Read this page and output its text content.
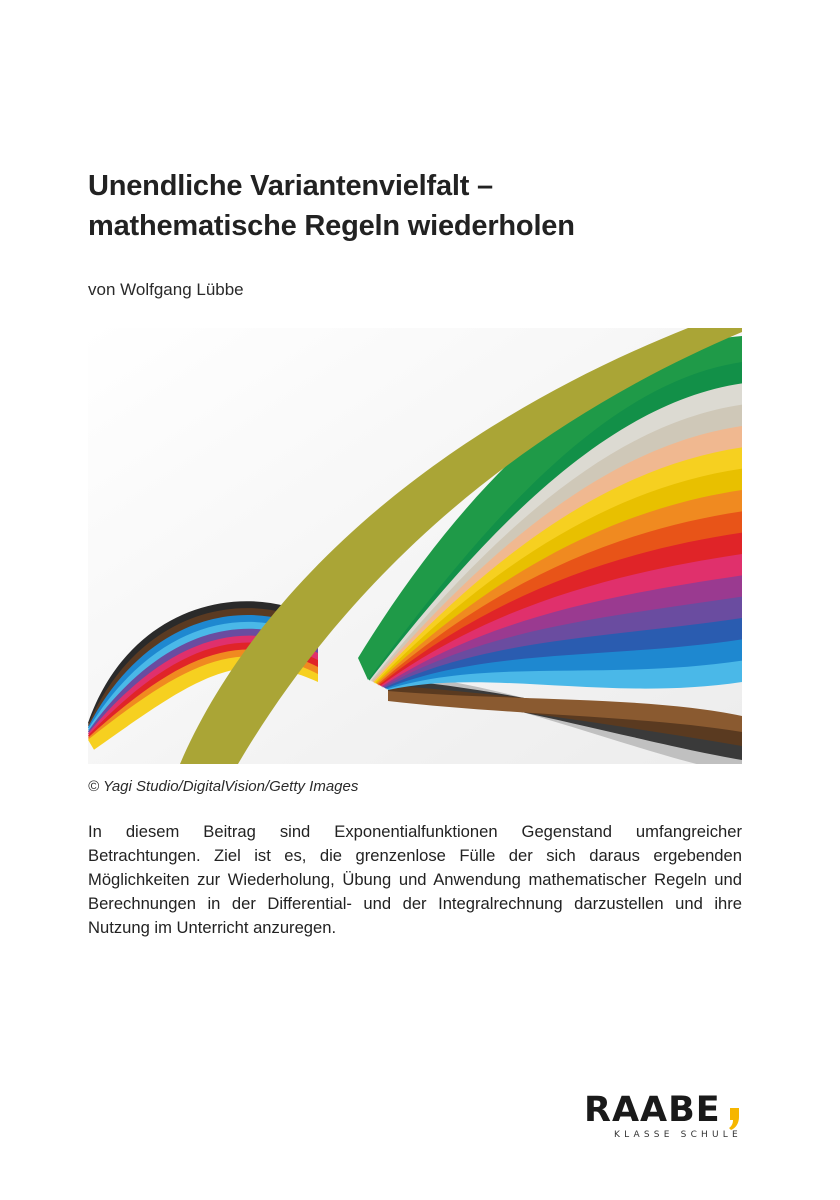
Unendliche Variantenvielfalt –
mathematische Regeln wiederholen
von Wolfgang Lübbe
© Yagi Studio/DigitalVision/Getty Images

In diesem Beitrag sind Exponentialfunktionen Gegenstand umfangreicher Betrachtungen. Ziel ist es, die grenzenlose Fülle der sich daraus ergebenden Möglichkeiten zur Wiederholung, Übung und Anwendung mathematischer Regeln und Berechnungen in der Differential- und der Integralrechnung darzustellen und ihre Nutzung im Unterricht anzuregen.

RAABE
KLASSE SCHULE
